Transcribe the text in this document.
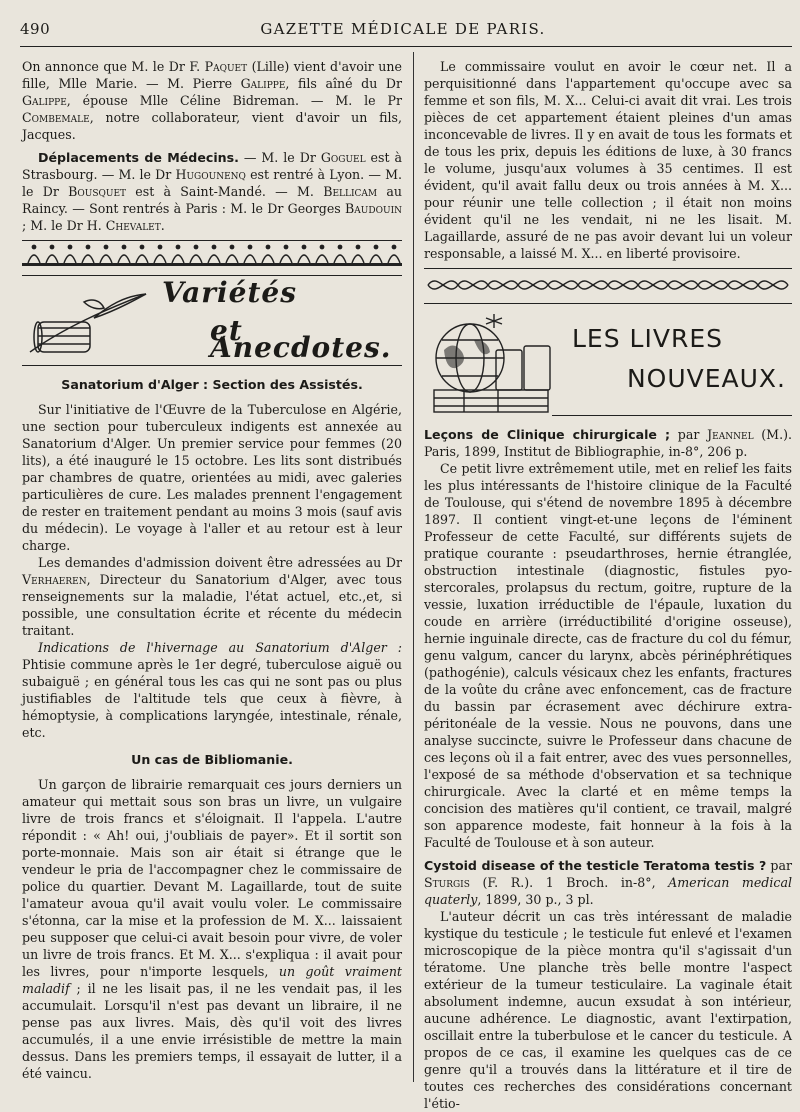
490	GAZETTE MÉDICALE DE PARIS.

On annonce que M. le Dr F. Paquet (Lille) vient d'avoir une fille, Mlle Marie. — M. Pierre Galippe, fils aîné du Dr Galippe, épouse Mlle Céline Bidreman. — M. le Pr Combemale, notre collaborateur, vient d'avoir un fils, Jacques.

Déplacements de Médecins. — M. le Dr Goguel est à Strasbourg. — M. le Dr Hugounenq est rentré à Lyon. — M. le Dr Bousquet est à Saint-Mandé. — M. Bellicam au Raincy. — Sont rentrés à Paris : M. le Dr Georges Baudouin ; M. le Dr H. Chevalet.

Variétés
et Anecdotes.

Sanatorium d'Alger : Section des Assistés.

Sur l'initiative de l'Œuvre de la Tuberculose en Algérie, une section pour tuberculeux indigents est annexée au Sanatorium d'Alger. Un premier service pour femmes (20 lits), a été inauguré le 15 octobre. Les lits sont distribués par chambres de quatre, orientées au midi, avec galeries particulières de cure. Les malades prennent l'engagement de rester en traitement pendant au moins 3 mois (sauf avis du médecin). Le voyage à l'aller et au retour est à leur charge.

Les demandes d'admission doivent être adressées au Dr Verhaeren, Directeur du Sanatorium d'Alger, avec tous renseignements sur la maladie, l'état actuel, etc.,et, si possible, une consultation écrite et récente du médecin traitant.

Indications de l'hivernage au Sanatorium d'Alger : Phtisie commune après le 1er degré, tuberculose aiguë ou subaiguë ; en général tous les cas qui ne sont pas ou plus justifiables de l'altitude tels que ceux à fièvre, à hémoptysie, à complications laryngée, intestinale, rénale, etc.

Un cas de Bibliomanie.

Un garçon de librairie remarquait ces jours derniers un amateur qui mettait sous son bras un livre, un vulgaire livre de trois francs et s'éloignait. Il l'appela. L'autre répondit : « Ah! oui, j'oubliais de payer». Et il sortit son porte-monnaie. Mais son air était si étrange que le vendeur le pria de l'accompagner chez le commissaire de police du quartier. Devant M. Lagaillarde, tout de suite l'amateur avoua qu'il avait voulu voler. Le commissaire s'étonna, car la mise et la profession de M. X... laissaient peu supposer que celui-ci avait besoin pour vivre, de voler un livre de trois francs. Et M. X... s'expliqua : il avait pour les livres, pour n'importe lesquels, un goût vraiment maladif ; il ne les lisait pas, il ne les vendait pas, il les accumulait. Lorsqu'il n'est pas devant un libraire, il ne pense pas aux livres. Mais, dès qu'il voit des livres accumulés, il a une envie irrésistible de mettre la main dessus. Dans les premiers temps, il essayait de lutter, il a été vaincu.

Le commissaire voulut en avoir le cœur net. Il a perquisitionné dans l'appartement qu'occupe avec sa femme et son fils, M. X... Celui-ci avait dit vrai. Les trois pièces de cet appartement étaient pleines d'un amas inconcevable de livres. Il y en avait de tous les formats et de tous les prix, depuis les éditions de luxe, à 30 francs le volume, jusqu'aux volumes à 35 centimes. Il est évident, qu'il avait fallu deux ou trois années à M. X... pour réunir une telle collection ; il était non moins évident qu'il ne les vendait, ni ne les lisait. M. Lagaillarde, assuré de ne pas avoir devant lui un voleur responsable, a laissé M. X... en liberté provisoire.

LES LIVRES
NOUVEAUX.

Leçons de Clinique chirurgicale ; par Jeannel (M.). Paris, 1899, Institut de Bibliographie, in-8°, 206 p.

Ce petit livre extrêmement utile, met en relief les faits les plus intéressants de l'histoire clinique de la Faculté de Toulouse, qui s'étend de novembre 1895 à décembre 1897. Il contient vingt-et-une leçons de l'éminent Professeur de cette Faculté, sur différents sujets de pratique courante : pseudarthroses, hernie étranglée, obstruction intestinale (diagnostic, fistules pyo-stercorales, prolapsus du rectum, goitre, rupture de la vessie, luxation irréductible de l'épaule, luxation du coude en arrière (irréductibilité d'origine osseuse), hernie inguinale directe, cas de fracture du col du fémur, genu valgum, cancer du larynx, abcès périnéphrétiques (pathogénie), calculs vésicaux chez les enfants, fractures de la voûte du crâne avec enfoncement, cas de fracture du bassin par écrasement avec déchirure extra-péritonéale de la vessie. Nous ne pouvons, dans une analyse succincte, suivre le Professeur dans chacune de ces leçons où il a fait entrer, avec des vues personnelles, l'exposé de sa méthode d'observation et sa technique chirurgicale. Avec la clarté et en même temps la concision des matières qu'il contient, ce travail, malgré son apparence modeste, fait honneur à la fois à la Faculté de Toulouse et à son auteur.

Cystoid disease of the testicle Teratoma testis ? par Sturgis (F. R.). 1 Broch. in-8°, American medical quaterly, 1899, 30 p., 3 pl.

L'auteur décrit un cas très intéressant de maladie kystique du testicule ; le testicule fut enlevé et l'examen microscopique de la pièce montra qu'il s'agissait d'un tératome. Une planche très belle montre l'aspect extérieur de la tumeur testiculaire. La vaginale était absolument indemne, aucun exsudat à son intérieur, aucune adhérence. Le diagnostic, avant l'extirpation, oscillait entre la tuberbulose et le cancer du testicule. A propos de ce cas, il examine les quelques cas de ce genre qu'il a trouvés dans la littérature et il tire de toutes ces recherches des considérations concernant l'étio-
